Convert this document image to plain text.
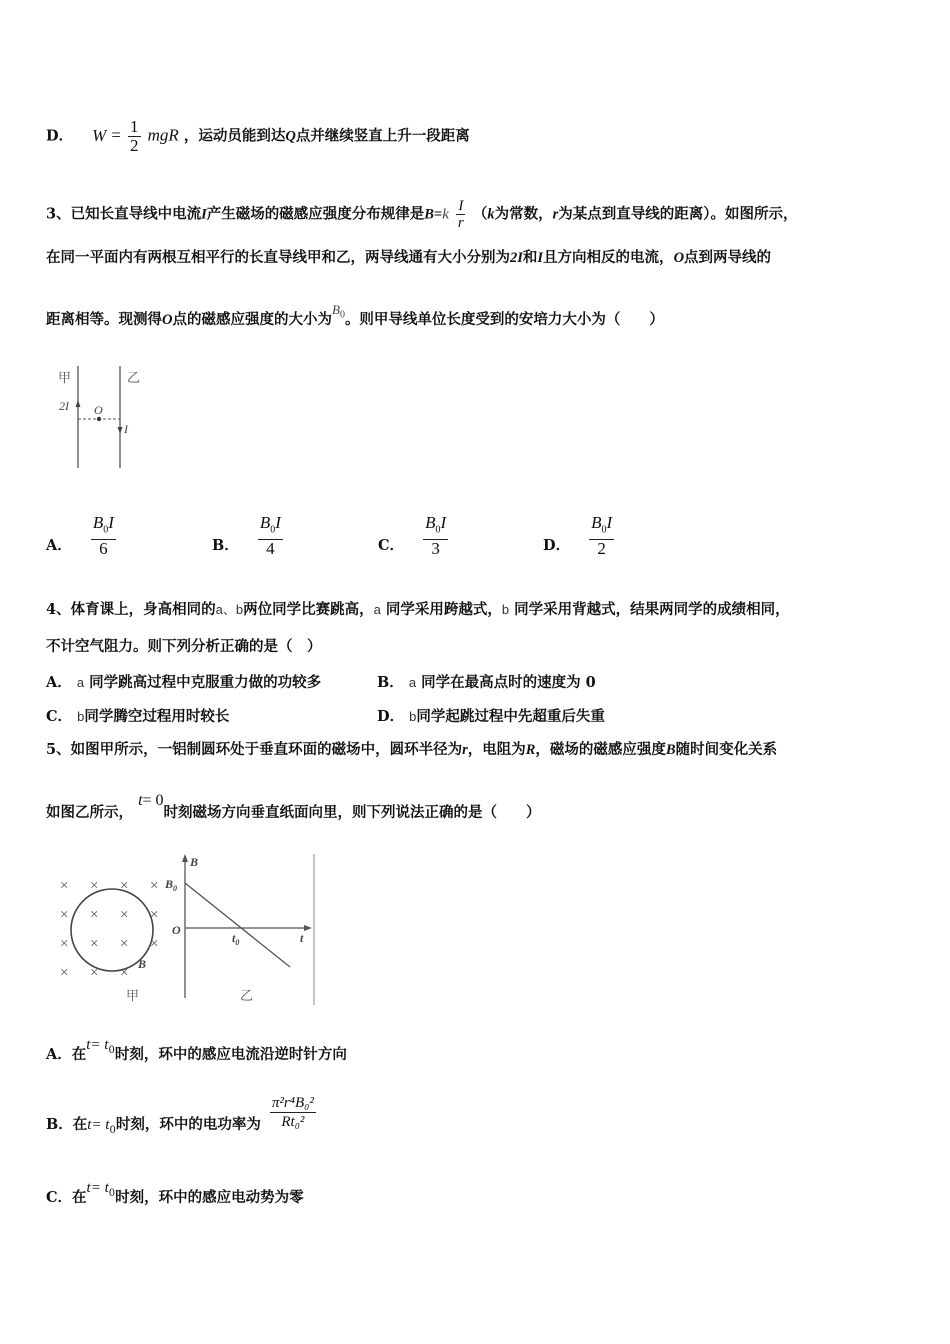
D． $W = \frac{1}{2}$ mgR ，运动员能到达Q点并继续竖直上升一段距离
3、已知长直导线中电流I产生磁场的磁感应强度分布规律是$B=k \frac{I}{r} (k$为常数，r为某点到直导线的距离）。如图所示，
在同一平面内有两根互相平行的长直导线甲和乙，两导线通有大小分别为2I和I且方向相反的电流，O点到两导线的
距离相等。现测得O点的磁感应强度的大小为$B_0$。则甲导线单位长度受到的安培力大小为（　　）
甲	乙
2I O
I
A． $\frac{B_0I}{6}$	B． $\frac{B_0I}{4}$	C． $\frac{B_0I}{3}$	D． $\frac{B_0I}{2}$
4、体育课上，身高相同的a、b两位同学比赛跳高，a 同学采用跨越式，b 同学采用背越式，结果两同学的成绩相同，
不计空气阻力。则下列分析正确的是（　）
A． a 同学跳高过程中克服重力做的功较多	B． a 同学在最高点时的速度为 0
C． b同学腾空过程用时较长	D． b同学起跳过程中先超重后失重
5、如图甲所示，一铝制圆环处于垂直环面的磁场中，圆环半径为r，电阻为R，磁场的磁感应强度B随时间变化关系
如图乙所示， t= 0时刻磁场方向垂直纸面向里，则下列说法正确的是（　　）
× × × ×
× × × ×
× × × ×
× × ×
B
甲
B
$B_0$
O
$t_0$	t
乙
A．在$t= t_0$时刻，环中的感应电流沿逆时针方向
B．在$t= t_0$时刻，环中的电功率为 $\frac{\text{π²r⁴B₀²}}{\text{Rt₀²}}$
C．在$t= t_0$时刻，环中的感应电动势为零
